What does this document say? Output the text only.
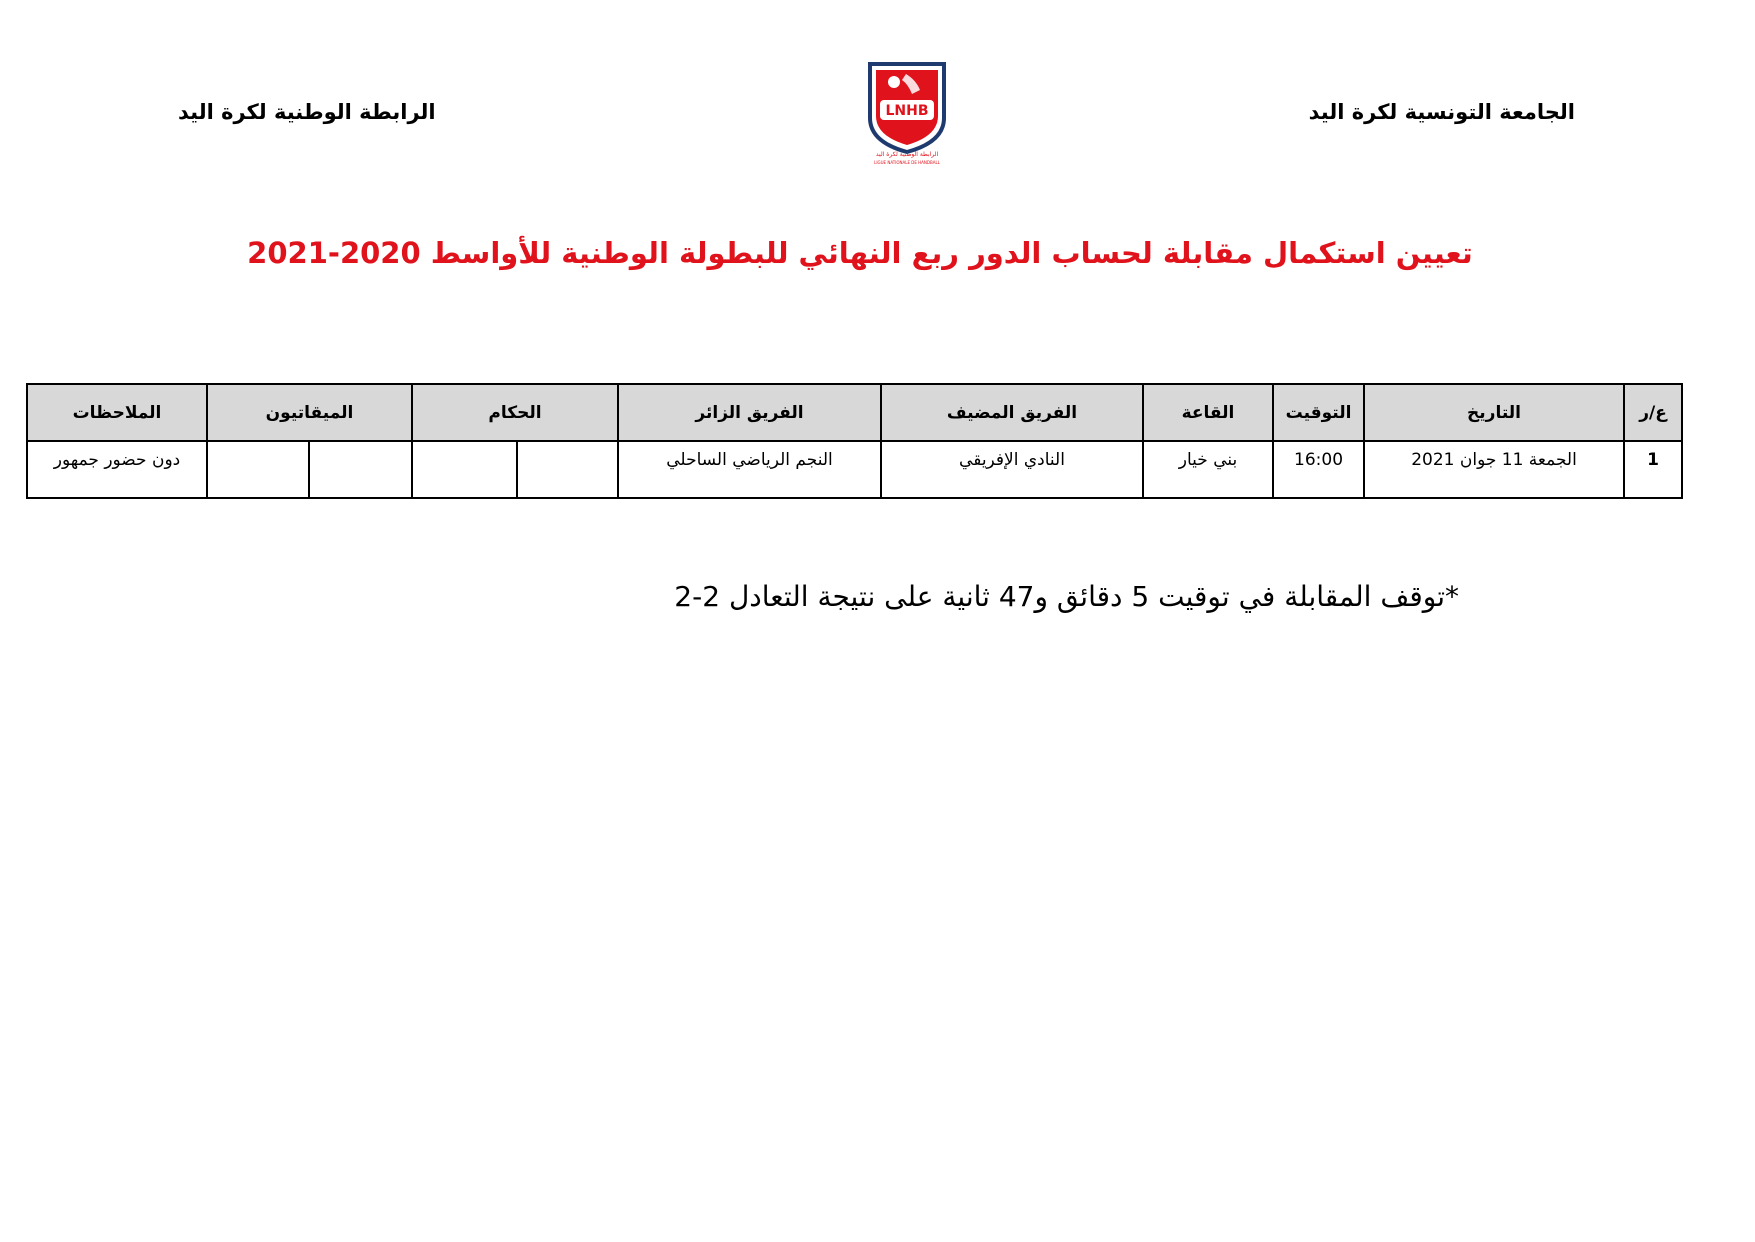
الجامعة التونسية لكرة اليد
الرابطة الوطنية لكرة اليد	LNHB
الرابطة الوطنية لكرة اليد
LIGUE NATIONALE DE HANDBALL
تعيين استكمال مقابلة لحساب الدور ربع النهائي للبطولة الوطنية للأواسط 2020-2021
ع/ر	التاريخ	التوقيت	القاعة	الفريق المضيف	الفريق الزائر	الحكام		الميقاتيون		الملاحظات
1	الجمعة 11 جوان 2021	16:00	بني خيار	النادي الإفريقي	النجم الرياضي الساحلي					دون حضور جمهور
*توقف المقابلة في توقيت 5 دقائق و47 ثانية على نتيجة التعادل 2-2
